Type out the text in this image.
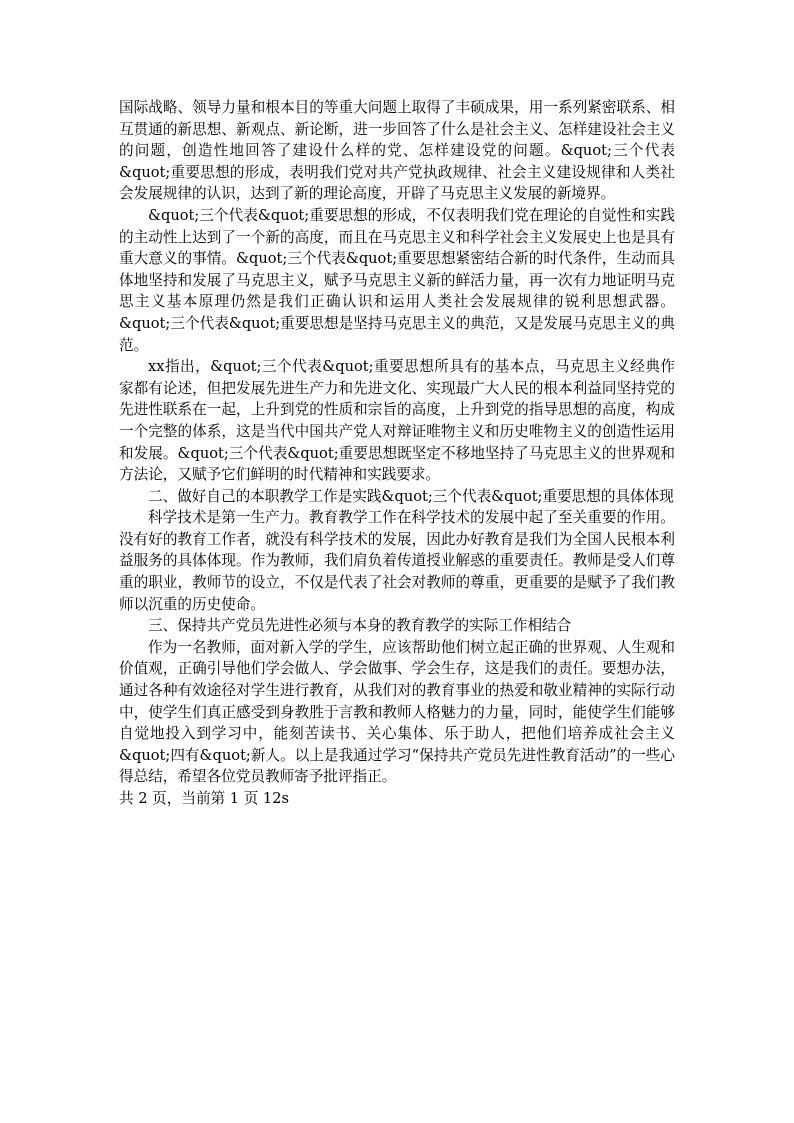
国际战略、领导力量和根本目的等重大问题上取得了丰硕成果，用一系列紧密联系、相互贯通的新思想、新观点、新论断，进一步回答了什么是社会主义、怎样建设社会主义的问题，创造性地回答了建设什么样的党、怎样建设党的问题。&quot;三个代表&quot;重要思想的形成，表明我们党对共产党执政规律、社会主义建设规律和人类社会发展规律的认识，达到了新的理论高度，开辟了马克思主义发展的新境界。

&quot;三个代表&quot;重要思想的形成，不仅表明我们党在理论的自觉性和实践的主动性上达到了一个新的高度，而且在马克思主义和科学社会主义发展史上也是具有重大意义的事情。&quot;三个代表&quot;重要思想紧密结合新的时代条件，生动而具体地坚持和发展了马克思主义，赋予马克思主义新的鲜活力量，再一次有力地证明马克思主义基本原理仍然是我们正确认识和运用人类社会发展规律的锐利思想武器。&quot;三个代表&quot;重要思想是坚持马克思主义的典范，又是发展马克思主义的典范。

xx指出，&quot;三个代表&quot;重要思想所具有的基本点，马克思主义经典作家都有论述，但把发展先进生产力和先进文化、实现最广大人民的根本利益同坚持党的先进性联系在一起，上升到党的性质和宗旨的高度，上升到党的指导思想的高度，构成一个完整的体系，这是当代中国共产党人对辩证唯物主义和历史唯物主义的创造性运用和发展。&quot;三个代表&quot;重要思想既坚定不移地坚持了马克思主义的世界观和方法论，又赋予它们鲜明的时代精神和实践要求。

二、做好自己的本职教学工作是实践&quot;三个代表&quot;重要思想的具体体现

科学技术是第一生产力。教育教学工作在科学技术的发展中起了至关重要的作用。没有好的教育工作者，就没有科学技术的发展，因此办好教育是我们为全国人民根本利益服务的具体体现。作为教师，我们肩负着传道授业解惑的重要责任。教师是受人们尊重的职业，教师节的设立，不仅是代表了社会对教师的尊重，更重要的是赋予了我们教师以沉重的历史使命。

三、保持共产党员先进性必须与本身的教育教学的实际工作相结合

作为一名教师，面对新入学的学生，应该帮助他们树立起正确的世界观、人生观和价值观，正确引导他们学会做人、学会做事、学会生存，这是我们的责任。要想办法，通过各种有效途径对学生进行教育，从我们对的教育事业的热爱和敬业精神的实际行动中，使学生们真正感受到身教胜于言教和教师人格魅力的力量，同时，能使学生们能够自觉地投入到学习中，能刻苦读书、关心集体、乐于助人，把他们培养成社会主义&quot;四有&quot;新人。以上是我通过学习“保持共产党员先进性教育活动”的一些心得总结，希望各位党员教师寄予批评指正。

共 2 页，当前第 1 页 12s
